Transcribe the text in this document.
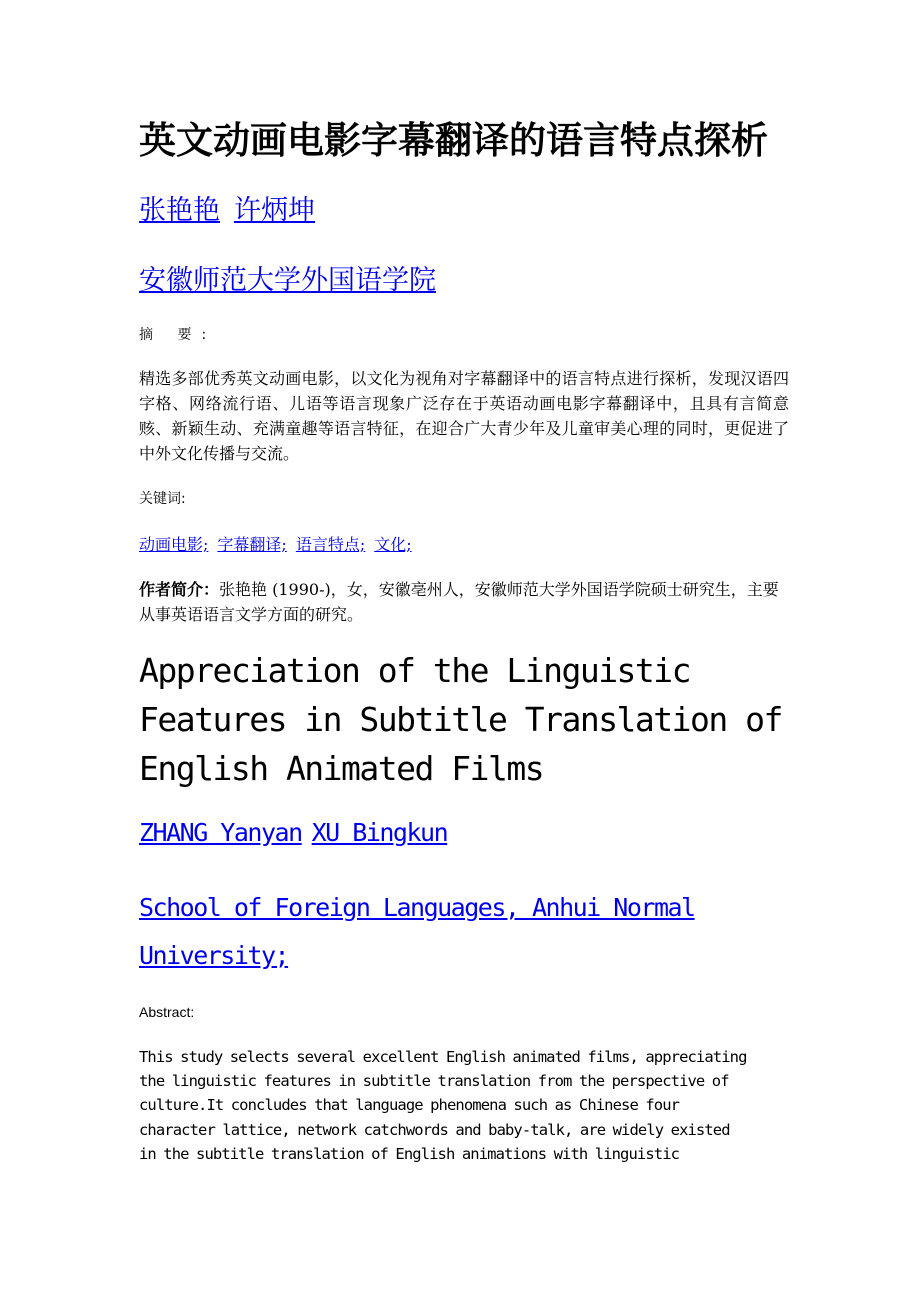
英文动画电影字幕翻译的语言特点探析
张艳艳 许炳坤
安徽师范大学外国语学院
摘 要:
精选多部优秀英文动画电影，以文化为视角对字幕翻译中的语言特点进行探析，发现汉语四字格、网络流行语、儿语等语言现象广泛存在于英语动画电影字幕翻译中，且具有言简意赅、新颖生动、充满童趣等语言特征，在迎合广大青少年及儿童审美心理的同时，更促进了中外文化传播与交流。
关键词:
动画电影; 字幕翻译; 语言特点; 文化;
作者简介：张艳艳 (1990-)，女，安徽亳州人，安徽师范大学外国语学院硕士研究生，主要从事英语语言文学方面的研究。
Appreciation of the Linguistic Features in Subtitle Translation of English Animated Films
ZHANG Yanyan XU Bingkun
School of Foreign Languages, Anhui Normal University;
Abstract:
This study selects several excellent English animated films, appreciating
the linguistic features in subtitle translation from the perspective of
culture.It concludes that language phenomena such as Chinese four
character lattice, network catchwords and baby-talk, are widely existed
in the subtitle translation of English animations with linguistic
